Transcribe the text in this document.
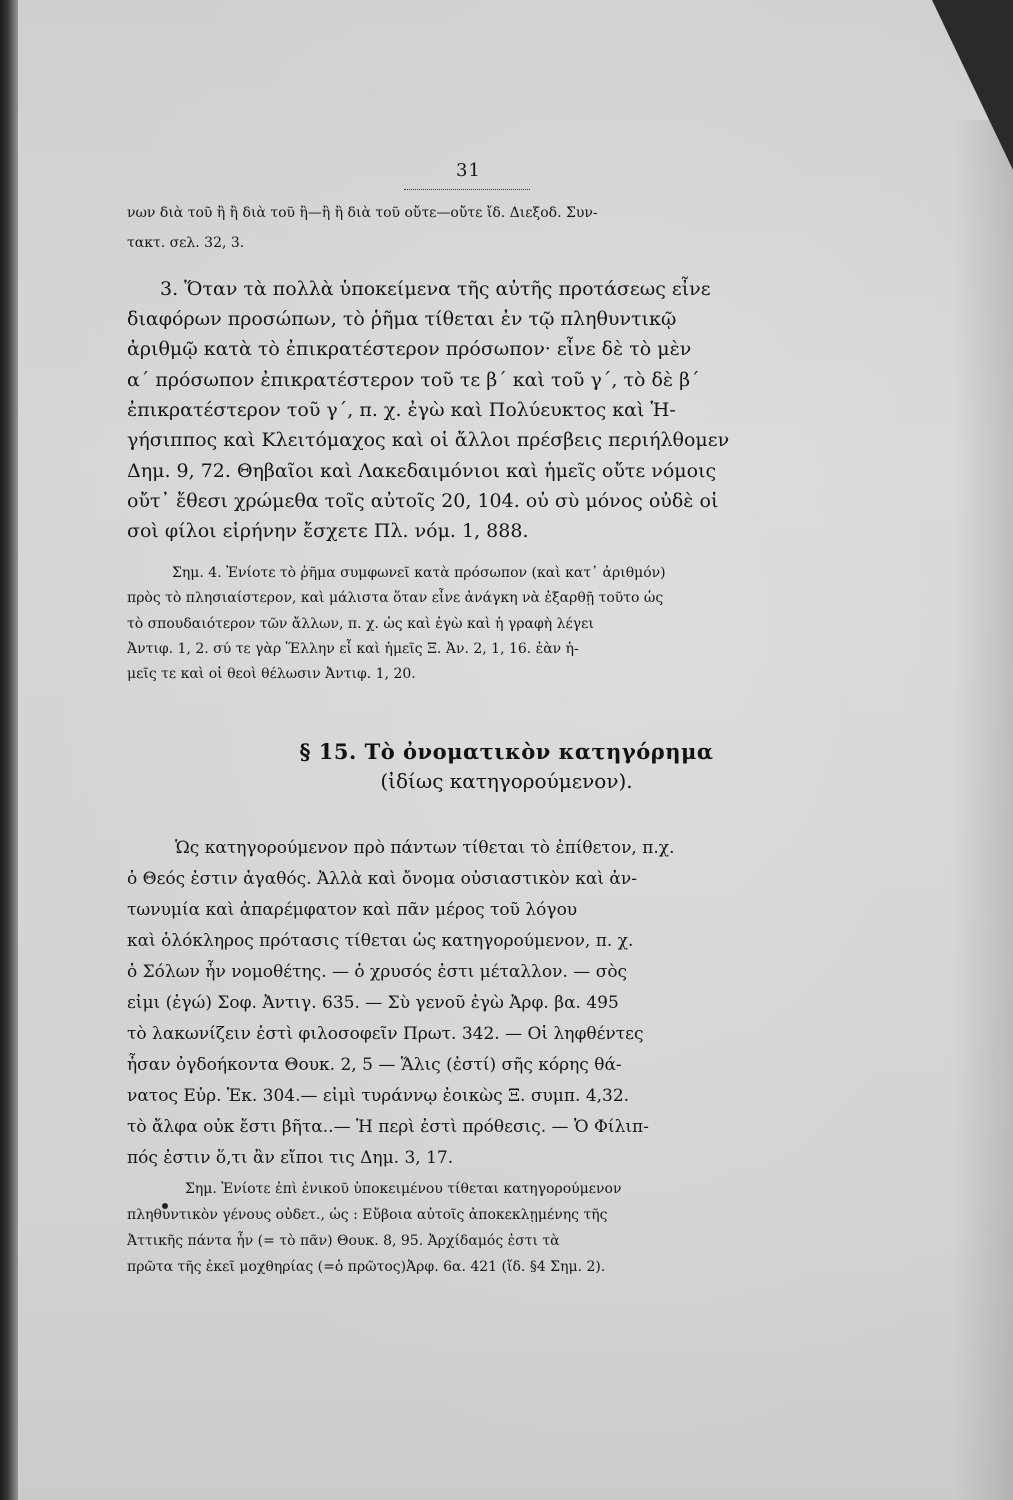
31
νων διὰ τοῦ ἢ ἢ διὰ τοῦ ἢ—ἢ ἢ διὰ τοῦ οὔτε—οὔτε ἴδ. Διεξοδ. Συν-
τακτ. σελ. 32, 3.
3. Ὅταν τὰ πολλὰ ὑποκείμενα τῆς αὐτῆς προτάσεως εἶνε
διαφόρων προσώπων, τὸ ῥῆμα τίθεται ἐν τῷ πληθυντικῷ
ἀριθμῷ κατὰ τὸ ἐπικρατέστερον πρόσωπον· εἶνε δὲ τὸ μὲν
α΄ πρόσωπον ἐπικρατέστερον τοῦ τε β΄ καὶ τοῦ γ΄, τὸ δὲ β΄
ἐπικρατέστερον τοῦ γ΄, π. χ. ἐγὼ καὶ Πολύευκτος καὶ Ἡ-
γήσιππος καὶ Κλειτόμαχος καὶ οἱ ἄλλοι πρέσβεις περιήλθομεν
Δημ. 9, 72. Θηβαῖοι καὶ Λακεδαιμόνιοι καὶ ἡμεῖς οὔτε νόμοις
οὔτ᾽ ἔθεσι χρώμεθα τοῖς αὐτοῖς 20, 104. οὐ σὺ μόνος οὐδὲ οἱ
σοὶ φίλοι εἰρήνην ἔσχετε Πλ. νόμ. 1, 888.
Σημ. 4. Ἐνίοτε τὸ ῥῆμα συμφωνεῖ κατὰ πρόσωπον (καὶ κατ᾽ ἀριθμόν)
πρὸς τὸ πλησιαίστερον, καὶ μάλιστα ὅταν εἶνε ἀνάγκη νὰ ἐξαρθῇ τοῦτο ὡς
τὸ σπουδαιότερον τῶν ἄλλων, π. χ. ὡς καὶ ἐγὼ καὶ ἡ γραφὴ λέγει
Ἀντιφ. 1, 2. σύ τε γὰρ Ἕλλην εἶ καὶ ἡμεῖς Ξ. Ἀν. 2, 1, 16. ἐὰν ἡ-
μεῖς τε καὶ οἱ θεοὶ θέλωσιν Ἀντιφ. 1, 20.
§ 15. Τὸ ὀνοματικὸν κατηγόρημα
(ἰδίως κατηγορούμενον).
Ὡς κατηγορούμενον πρὸ πάντων τίθεται τὸ ἐπίθετον, π.χ.
ὁ Θεός ἐστιν ἀγαθός. Ἀλλὰ καὶ ὄνομα οὐσιαστικὸν καὶ ἀν-
τωνυμία καὶ ἀπαρέμφατον καὶ πᾶν μέρος τοῦ λόγου
καὶ ὁλόκληρος πρότασις τίθεται ὡς κατηγορούμενον, π. χ.
ὁ Σόλων ἦν νομοθέτης. — ὁ χρυσός ἐστι μέταλλον. — σὸς
εἰμι (ἐγώ) Σοφ. Ἀντιγ. 635. — Σὺ γενοῦ ἐγὼ Ἀρφ. βα. 495
τὸ λακωνίζειν ἐστὶ φιλοσοφεῖν Πρωτ. 342. — Οἱ ληφθέντες
ἦσαν ὀγδοήκοντα Θουκ. 2, 5 — Ἅλις (ἐστί) σῆς κόρης θά-
νατος Εὐρ. Ἑκ. 304.— εἰμὶ τυράννῳ ἐοικὼς Ξ. συμπ. 4,32.
τὸ ἄλφα οὐκ ἔστι βῆτα..— Ἡ περὶ ἐστὶ πρόθεσις. — Ὁ Φίλιπ-
πός ἐστιν ὅ,τι ἂν εἴποι τις Δημ. 3, 17.
Σημ. Ἐνίοτε ἐπὶ ἑνικοῦ ὑποκειμένου τίθεται κατηγορούμενον
πληθυντικὸν γένους οὐδετ., ὡς : Εὔβοια αὐτοῖς ἀποκεκλῃμένης τῆς
Ἀττικῆς πάντα ἦν (= τὸ πᾶν) Θουκ. 8, 95. Ἀρχίδαμός ἐστι τὰ
πρῶτα τῆς ἐκεῖ μοχθηρίας (=ὁ πρῶτος)Ἀρφ. 6α. 421 (ἴδ. §4 Σημ. 2).
